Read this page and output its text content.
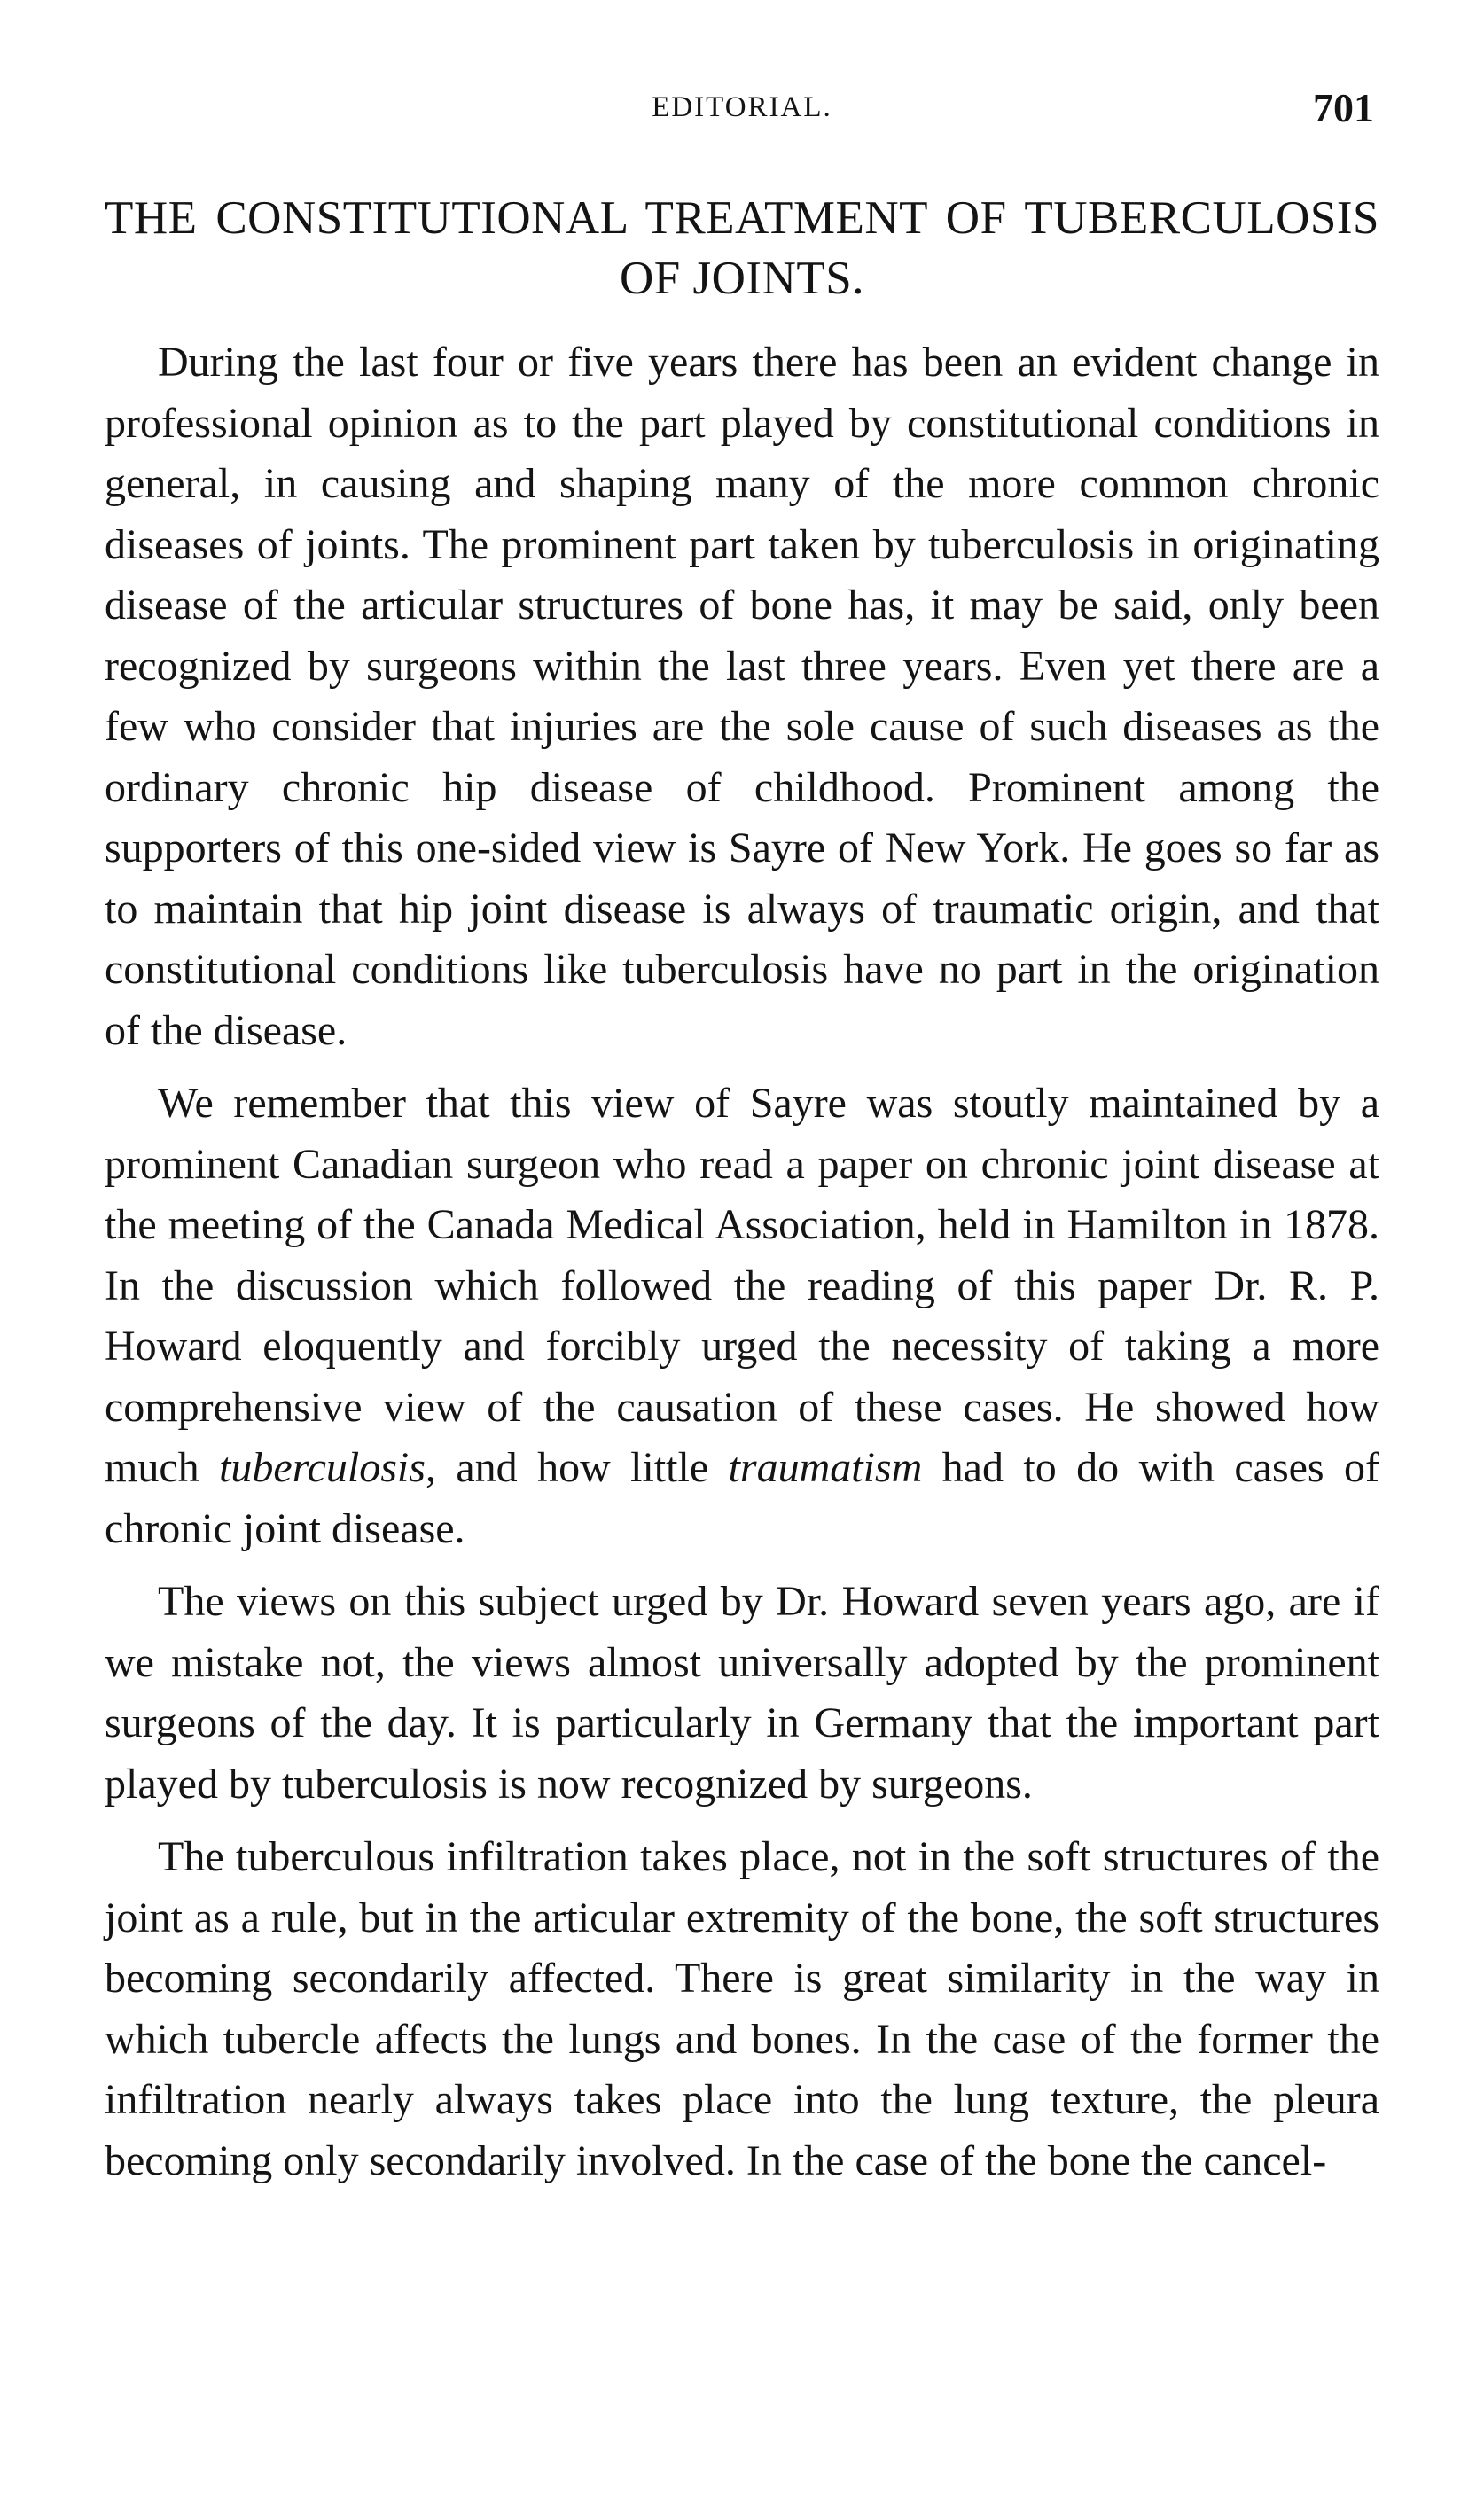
EDITORIAL.	701
THE CONSTITUTIONAL TREATMENT OF TUBERCULOSIS OF JOINTS.

During the last four or five years there has been an evident change in professional opinion as to the part played by constitutional conditions in general, in causing and shaping many of the more common chronic diseases of joints. The prominent part taken by tuberculosis in originating disease of the articular structures of bone has, it may be said, only been recognized by surgeons within the last three years. Even yet there are a few who consider that injuries are the sole cause of such diseases as the ordinary chronic hip disease of childhood. Prominent among the supporters of this one-sided view is Sayre of New York. He goes so far as to maintain that hip joint disease is always of traumatic origin, and that constitutional conditions like tuberculosis have no part in the origination of the disease.

We remember that this view of Sayre was stoutly maintained by a prominent Canadian surgeon who read a paper on chronic joint disease at the meeting of the Canada Medical Association, held in Hamilton in 1878. In the discussion which followed the reading of this paper Dr. R. P. Howard eloquently and forcibly urged the necessity of taking a more comprehensive view of the causation of these cases. He showed how much tuberculosis, and how little traumatism had to do with cases of chronic joint disease.

The views on this subject urged by Dr. Howard seven years ago, are if we mistake not, the views almost universally adopted by the prominent surgeons of the day. It is particularly in Germany that the important part played by tuberculosis is now recognized by surgeons.

The tuberculous infiltration takes place, not in the soft structures of the joint as a rule, but in the articular extremity of the bone, the soft structures becoming secondarily affected. There is great similarity in the way in which tubercle affects the lungs and bones. In the case of the former the infiltration nearly always takes place into the lung texture, the pleura becoming only secondarily involved. In the case of the bone the cancel-
